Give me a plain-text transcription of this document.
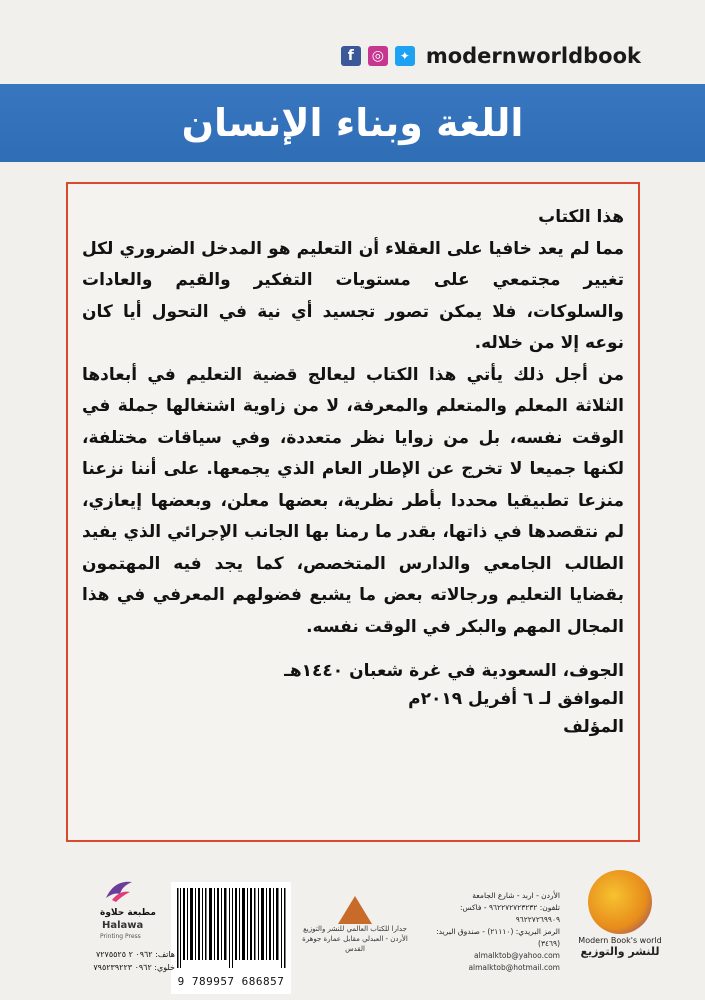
f	◎	✦ modernworldbook
اللغة وبناء الإنسان

هذا الكتاب

مما لم يعد خافيا على العقلاء أن التعليم هو المدخل الضروري لكل تغيير مجتمعي على مستويات التفكير والقيم والعادات والسلوكات، فلا يمكن تصور تجسيد أي نية في التحول أيا كان نوعه إلا من خلاله.

من أجل ذلك يأتي هذا الكتاب ليعالج قضية التعليم في أبعادها الثلاثة المعلم والمتعلم والمعرفة، لا من زاوية اشتغالها جملة في الوقت نفسه، بل من زوايا نظر متعددة، وفي سياقات مختلفة، لكنها جميعا لا تخرج عن الإطار العام الذي يجمعها. على أننا نزعنا منزعا تطبيقيا محددا بأطر نظرية، بعضها معلن، وبعضها إيعازي، لم نتقصدها في ذاتها، بقدر ما رمنا بها الجانب الإجرائي الذي يفيد الطالب الجامعي والدارس المتخصص، كما يجد فيه المهتمون بقضايا التعليم ورجالاته بعض ما يشبع فضولهم المعرفي في هذا المجال المهم والبكر في الوقت نفسه.

الجوف، السعودية في غرة شعبان ١٤٤٠هـ
الموافق لـ ٦ أفريل ٢٠١٩م
المؤلف
Modern Book's world
للنشر والتوزيع
الأردن - اربد - شارع الجامعة
تلفون: ٩٦٢٢٧٢٧٢٣٢٣٢ - فاكس: ٩٦٢٢٧٢٦٩٩٠٩
الرمز البريدي: (٢١١١٠) - صندوق البريد: (٣٤٦٩)
almalktob@yahoo.com
almalktob@hotmail.com
جدارا للكتاب العالمي للنشر والتوزيع
الأردن - العبدلي مقابل عمارة جوهرة القدس
9 789957 686857
مطبعة حلاوة
Halawa
Printing Press
هاتف: ٠٩٦٢ ٢ ٧٢٧٥٥٢٥
خلوي: ٠٩٦٢ ٧٩٥٢٣٩٢٢٣
